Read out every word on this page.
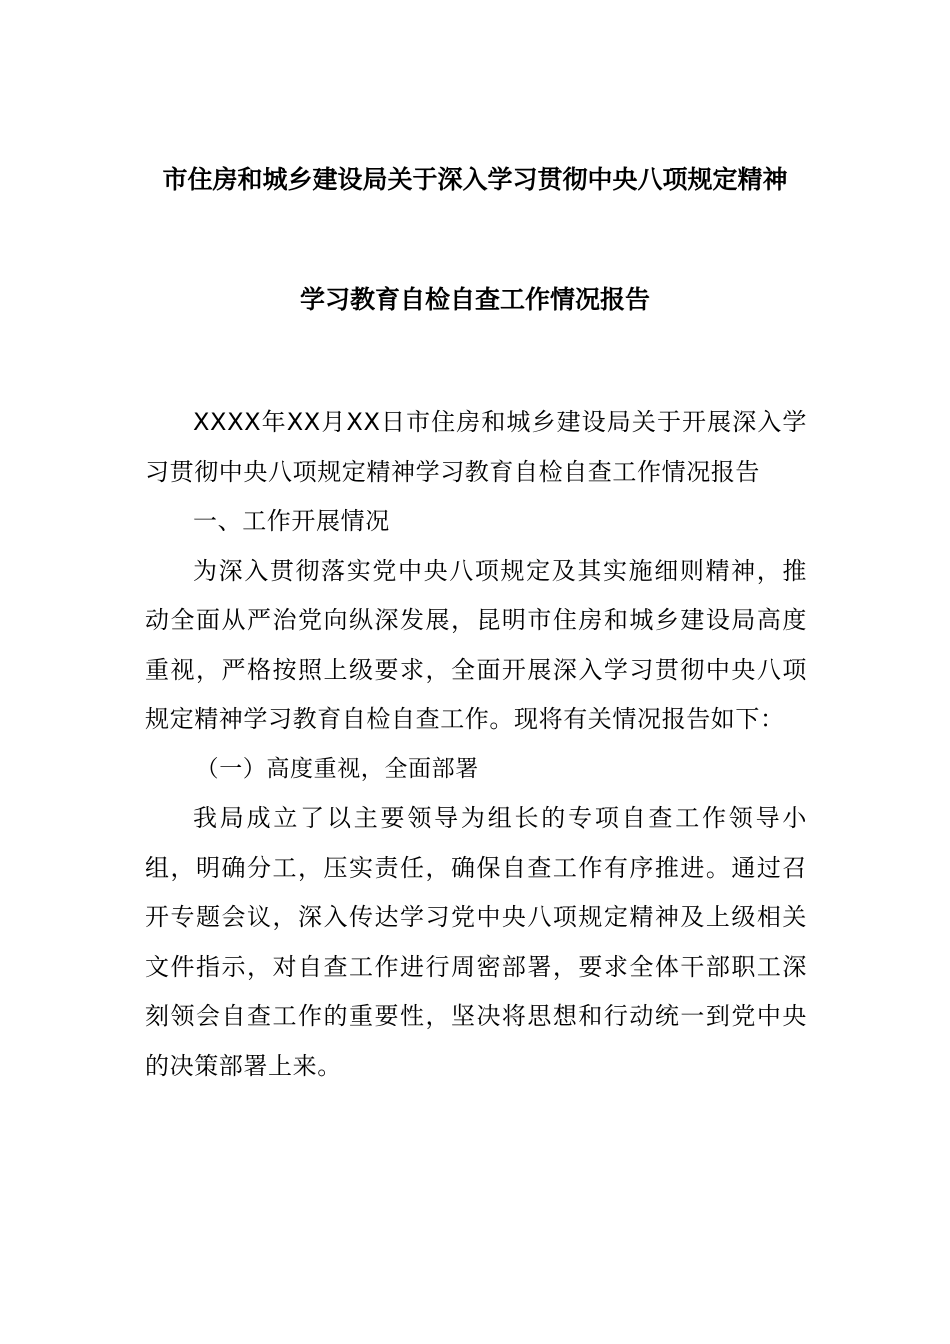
市住房和城乡建设局关于深入学习贯彻中央八项规定精神
学习教育自检自查工作情况报告

XXXX年XX月XX日市住房和城乡建设局关于开展深入学习贯彻中央八项规定精神学习教育自检自查工作情况报告

一、工作开展情况

为深入贯彻落实党中央八项规定及其实施细则精神，推动全面从严治党向纵深发展，昆明市住房和城乡建设局高度重视，严格按照上级要求，全面开展深入学习贯彻中央八项规定精神学习教育自检自查工作。现将有关情况报告如下：

（一）高度重视，全面部署

我局成立了以主要领导为组长的专项自查工作领导小组，明确分工，压实责任，确保自查工作有序推进。通过召开专题会议，深入传达学习党中央八项规定精神及上级相关文件指示，对自查工作进行周密部署，要求全体干部职工深刻领会自查工作的重要性，坚决将思想和行动统一到党中央的决策部署上来。
